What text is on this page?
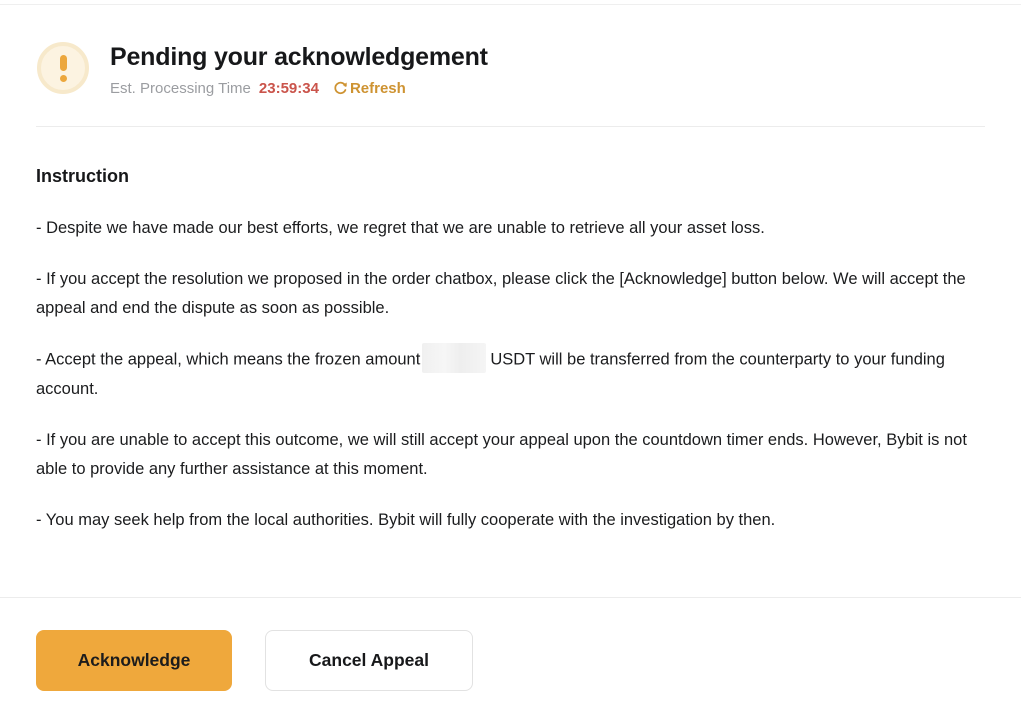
Pending your acknowledgement
Est. Processing Time 23:59:34 Refresh
Instruction

- Despite we have made our best efforts, we regret that we are unable to retrieve all your asset loss.

- If you accept the resolution we proposed in the order chatbox, please click the [Acknowledge] button below. We will accept the appeal and end the dispute as soon as possible.

- Accept the appeal, which means the frozen amount	USDT will be transferred from the counterparty to your funding account.

- If you are unable to accept this outcome, we will still accept your appeal upon the countdown timer ends. However, Bybit is not able to provide any further assistance at this moment.

- You may seek help from the local authorities. Bybit will fully cooperate with the investigation by then.

Acknowledge	Cancel Appeal
